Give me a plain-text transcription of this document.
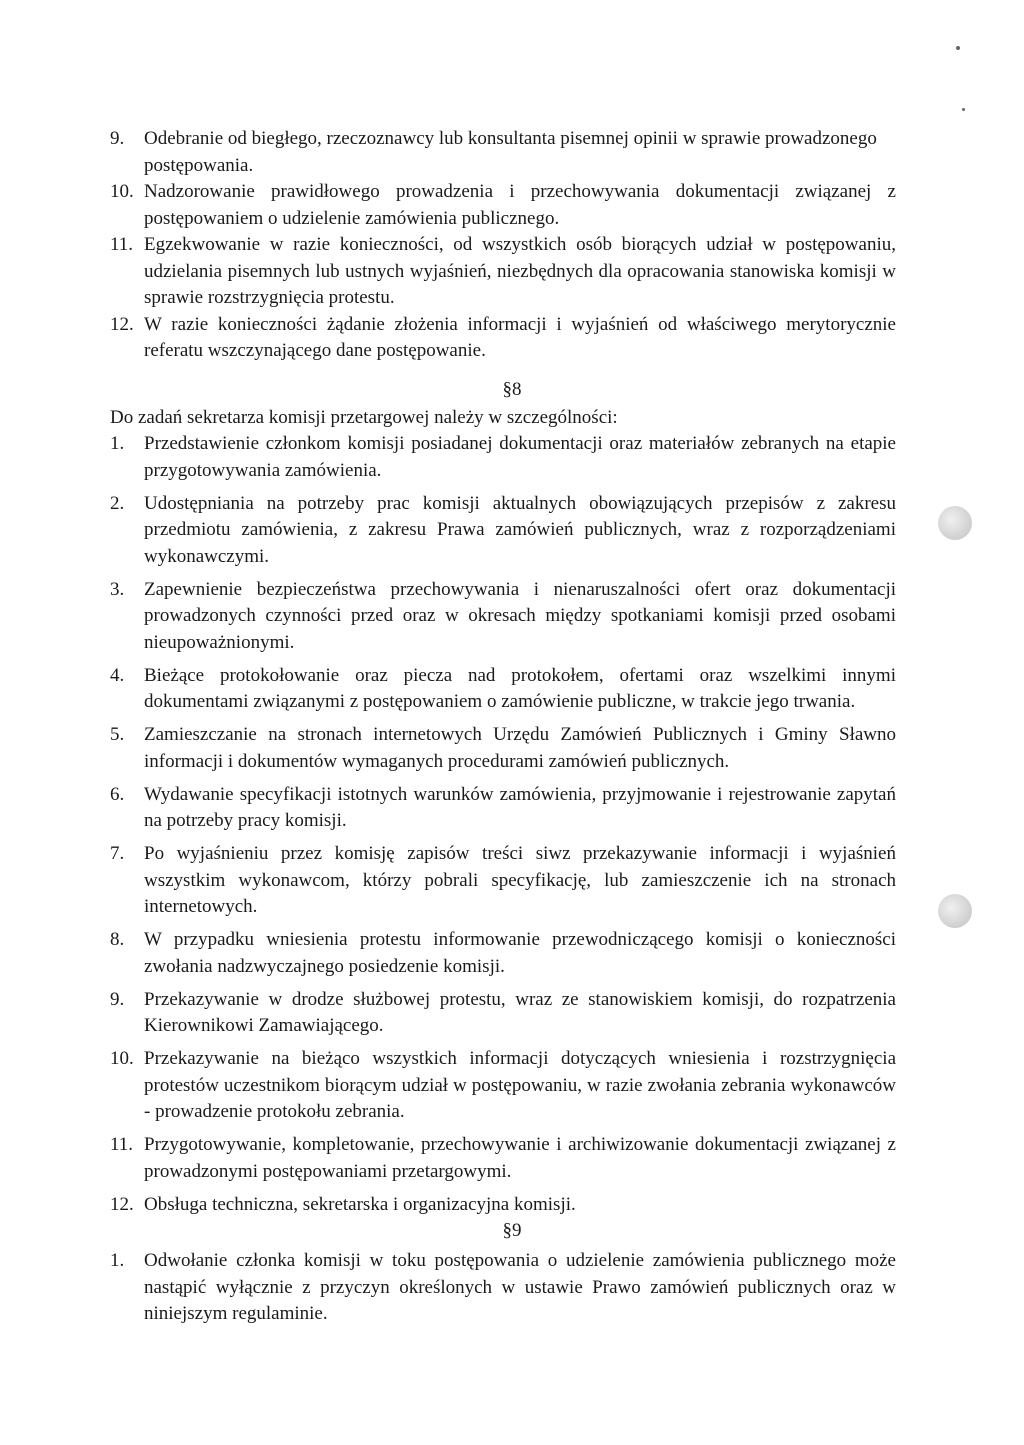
9. Odebranie od biegłego, rzeczoznawcy lub konsultanta pisemnej opinii w sprawie prowadzonego postępowania.
10. Nadzorowanie prawidłowego prowadzenia i przechowywania dokumentacji związanej z postępowaniem o udzielenie zamówienia publicznego.
11. Egzekwowanie w razie konieczności, od wszystkich osób biorących udział w postępowaniu, udzielania pisemnych lub ustnych wyjaśnień, niezbędnych dla opracowania stanowiska komisji w sprawie rozstrzygnięcia protestu.
12. W razie konieczności żądanie złożenia informacji i wyjaśnień od właściwego merytorycznie referatu wszczynającego dane postępowanie.
§8
Do zadań sekretarza komisji przetargowej należy w szczególności:
1. Przedstawienie członkom komisji posiadanej dokumentacji oraz materiałów zebranych na etapie przygotowywania zamówienia.
2. Udostępniania na potrzeby prac komisji aktualnych obowiązujących przepisów z zakresu przedmiotu zamówienia, z zakresu Prawa zamówień publicznych, wraz z rozporządzeniami wykonawczymi.
3. Zapewnienie bezpieczeństwa przechowywania i nienaruszalności ofert oraz dokumentacji prowadzonych czynności przed oraz w okresach między spotkaniami komisji przed osobami nieupoważnionymi.
4. Bieżące protokołowanie oraz piecza nad protokołem, ofertami oraz wszelkimi innymi dokumentami związanymi z postępowaniem o zamówienie publiczne, w trakcie jego trwania.
5. Zamieszczanie na stronach internetowych Urzędu Zamówień Publicznych i Gminy Sławno informacji i dokumentów wymaganych procedurami zamówień publicznych.
6. Wydawanie specyfikacji istotnych warunków zamówienia, przyjmowanie i rejestrowanie zapytań na potrzeby pracy komisji.
7. Po wyjaśnieniu przez komisję zapisów treści siwz przekazywanie informacji i wyjaśnień wszystkim wykonawcom, którzy pobrali specyfikację, lub zamieszczenie ich na stronach internetowych.
8. W przypadku wniesienia protestu informowanie przewodniczącego komisji o konieczności zwołania nadzwyczajnego posiedzenie komisji.
9. Przekazywanie w drodze służbowej protestu, wraz ze stanowiskiem komisji, do rozpatrzenia Kierownikowi Zamawiającego.
10. Przekazywanie na bieżąco wszystkich informacji dotyczących wniesienia i rozstrzygnięcia protestów uczestnikom biorącym udział w postępowaniu, w razie zwołania zebrania wykonawców - prowadzenie protokołu zebrania.
11. Przygotowywanie, kompletowanie, przechowywanie i archiwizowanie dokumentacji związanej z prowadzonymi postępowaniami przetargowymi.
12. Obsługa techniczna, sekretarska i organizacyjna komisji.
§9
1. Odwołanie członka komisji w toku postępowania o udzielenie zamówienia publicznego może nastąpić wyłącznie z przyczyn określonych w ustawie Prawo zamówień publicznych oraz w niniejszym regulaminie.
